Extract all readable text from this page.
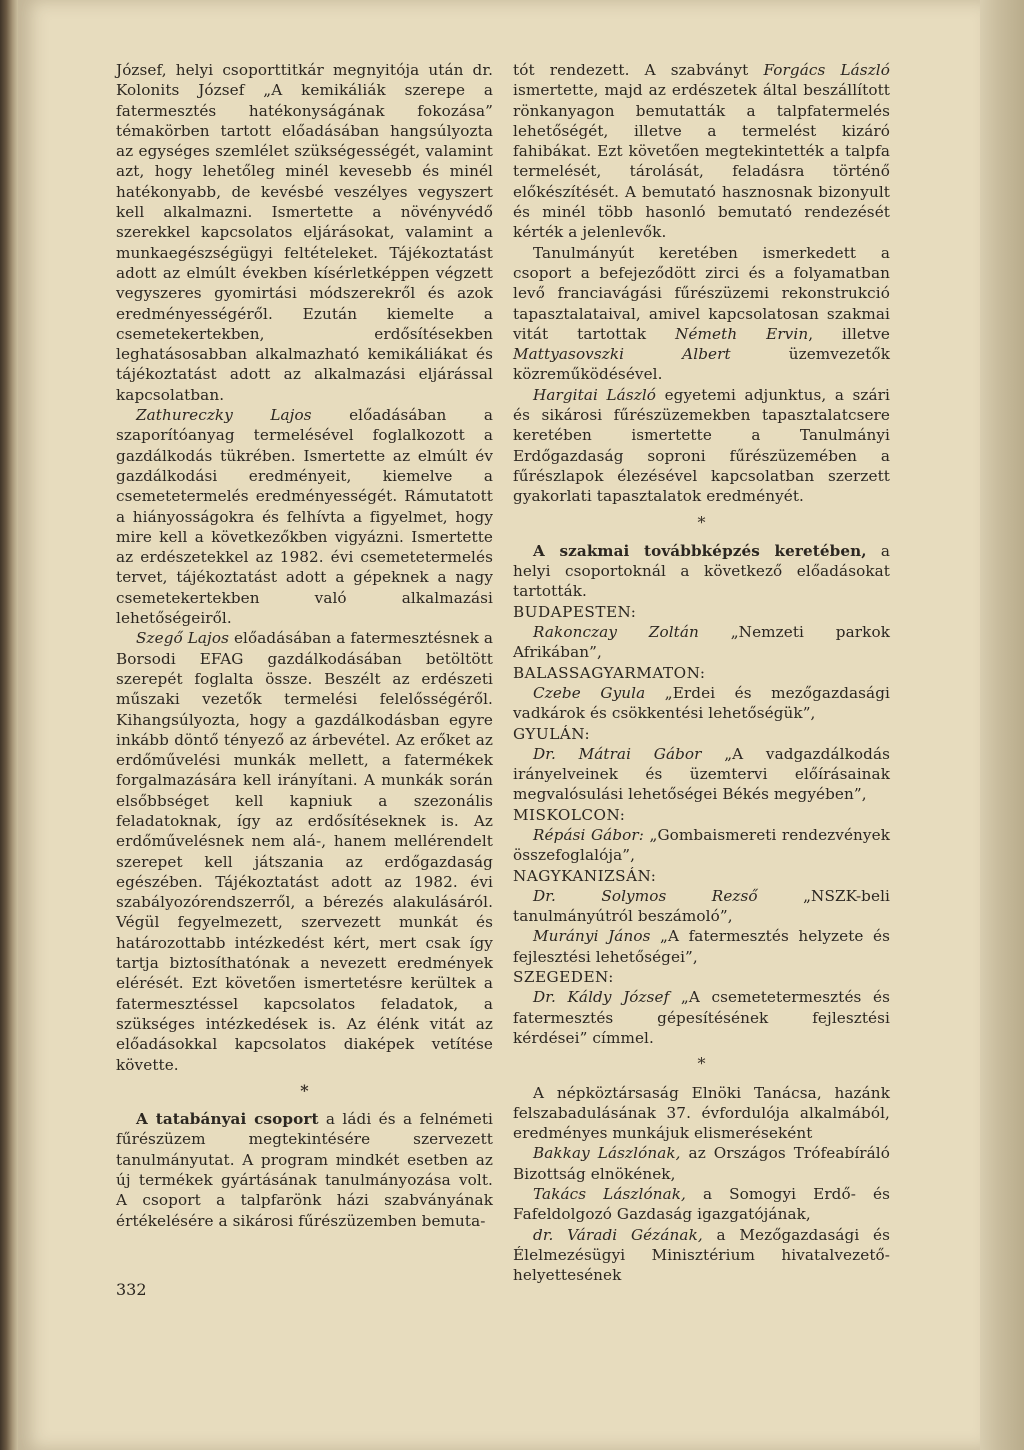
József, helyi csoporttitkár megnyitója után dr. Kolonits József „A kemikáliák szerepe a fatermesztés hatékonyságának fokozása” témakörben tartott előadásában hangsúlyozta az egységes szemlélet szükségességét, valamint azt, hogy lehetőleg minél kevesebb és minél hatékonyabb, de kevésbé veszélyes vegyszert kell alkalmazni. Ismertette a növényvédő szerekkel kapcsolatos eljárásokat, valamint a munkaegészségügyi feltételeket. Tájékoztatást adott az elmúlt években kísérletképpen végzett vegyszeres gyomirtási módszerekről és azok eredményességéről. Ezután kiemelte a csemetekertekben, erdősítésekben leghatásosabban alkalmazható kemikáliákat és tájékoztatást adott az alkalmazási eljárással kapcsolatban.

Zathureczky Lajos előadásában a szaporítóanyag termelésével foglalkozott a gazdálkodás tükrében. Ismertette az elmúlt év gazdálkodási eredményeit, kiemelve a csemetetermelés eredményességét. Rámutatott a hiányosságokra és felhívta a figyelmet, hogy mire kell a következőkben vigyázni. Ismertette az erdészetekkel az 1982. évi csemetetermelés tervet, tájékoztatást adott a gépeknek a nagy csemetekertekben való alkalmazási lehetőségeiről.

Szegő Lajos előadásában a fatermesztésnek a Borsodi EFAG gazdálkodásában betöltött szerepét foglalta össze. Beszélt az erdészeti műszaki vezetők termelési felelősségéről. Kihangsúlyozta, hogy a gazdálkodásban egyre inkább döntő tényező az árbevétel. Az erőket az erdőművelési munkák mellett, a fatermékek forgalmazására kell irányítani. A munkák során elsőbbséget kell kapniuk a szezonális feladatoknak, így az erdősítéseknek is. Az erdőművelésnek nem alá-, hanem mellérendelt szerepet kell játszania az erdőgazdaság egészében. Tájékoztatást adott az 1982. évi szabályozórendszerről, a bérezés alakulásáról. Végül fegyelmezett, szervezett munkát és határozottabb intézkedést kért, mert csak így tartja biztosíthatónak a nevezett eredmények elérését. Ezt követően ismertetésre kerültek a fatermesztéssel kapcsolatos feladatok, a szükséges intézkedések is. Az élénk vitát az előadásokkal kapcsolatos diaképek vetítése követte.

*

A tatabányai csoport a ládi és a felnémeti fűrészüzem megtekintésére szervezett tanulmányutat. A program mindkét esetben az új termékek gyártásának tanulmányozása volt. A csoport a talpfarönk házi szabványának értékelésére a sikárosi fűrészüzemben bemuta-

tót rendezett. A szabványt Forgács László ismertette, majd az erdészetek által beszállított rönkanyagon bemutatták a talpfatermelés lehetőségét, illetve a termelést kizáró fahibákat. Ezt követően megtekintették a talpfa termelését, tárolását, feladásra történő előkészítését. A bemutató hasznosnak bizonyult és minél több hasonló bemutató rendezését kérték a jelenlevők.

Tanulmányút keretében ismerkedett a csoport a befejeződött zirci és a folyamatban levő franciavágási fűrészüzemi rekonstrukció tapasztalataival, amivel kapcsolatosan szakmai vitát tartottak Németh Ervin, illetve Mattyasovszki Albert üzemvezetők közreműködésével.

Hargitai László egyetemi adjunktus, a szári és sikárosi fűrészüzemekben tapasztalatcsere keretében ismertette a Tanulmányi Erdőgazdaság soproni fűrészüzemében a fűrészlapok élezésével kapcsolatban szerzett gyakorlati tapasztalatok eredményét.

*

A szakmai továbbképzés keretében, a helyi csoportoknál a következő előadásokat tartották.

BUDAPESTEN:

Rakonczay Zoltán „Nemzeti parkok Afrikában”,

BALASSAGYARMATON:

Czebe Gyula „Erdei és mezőgazdasági vadkárok és csökkentési lehetőségük”,

GYULÁN:

Dr. Mátrai Gábor „A vadgazdálkodás irányelveinek és üzemtervi előírásainak megvalósulási lehetőségei Békés megyében”,

MISKOLCON:

Répási Gábor: „Gombaismereti rendezvények összefoglalója”,

NAGYKANIZSÁN:

Dr. Solymos Rezső „NSZK-beli tanulmányútról beszámoló”,

Murányi János „A fatermesztés helyzete és fejlesztési lehetőségei”,

SZEGEDEN:

Dr. Káldy József „A csemetetermesztés és fatermesztés gépesítésének fejlesztési kérdései” címmel.

*

A népköztársaság Elnöki Tanácsa, hazánk felszabadulásának 37. évfordulója alkalmából, eredményes munkájuk elismeréseként

Bakkay Lászlónak, az Országos Trófeabíráló Bizottság elnökének,

Takács Lászlónak, a Somogyi Erdő- és Fafeldolgozó Gazdaság igazgatójának,

dr. Váradi Gézának, a Mezőgazdasági és Élelmezésügyi Minisztérium hivatalvezető-helyettesének

332
